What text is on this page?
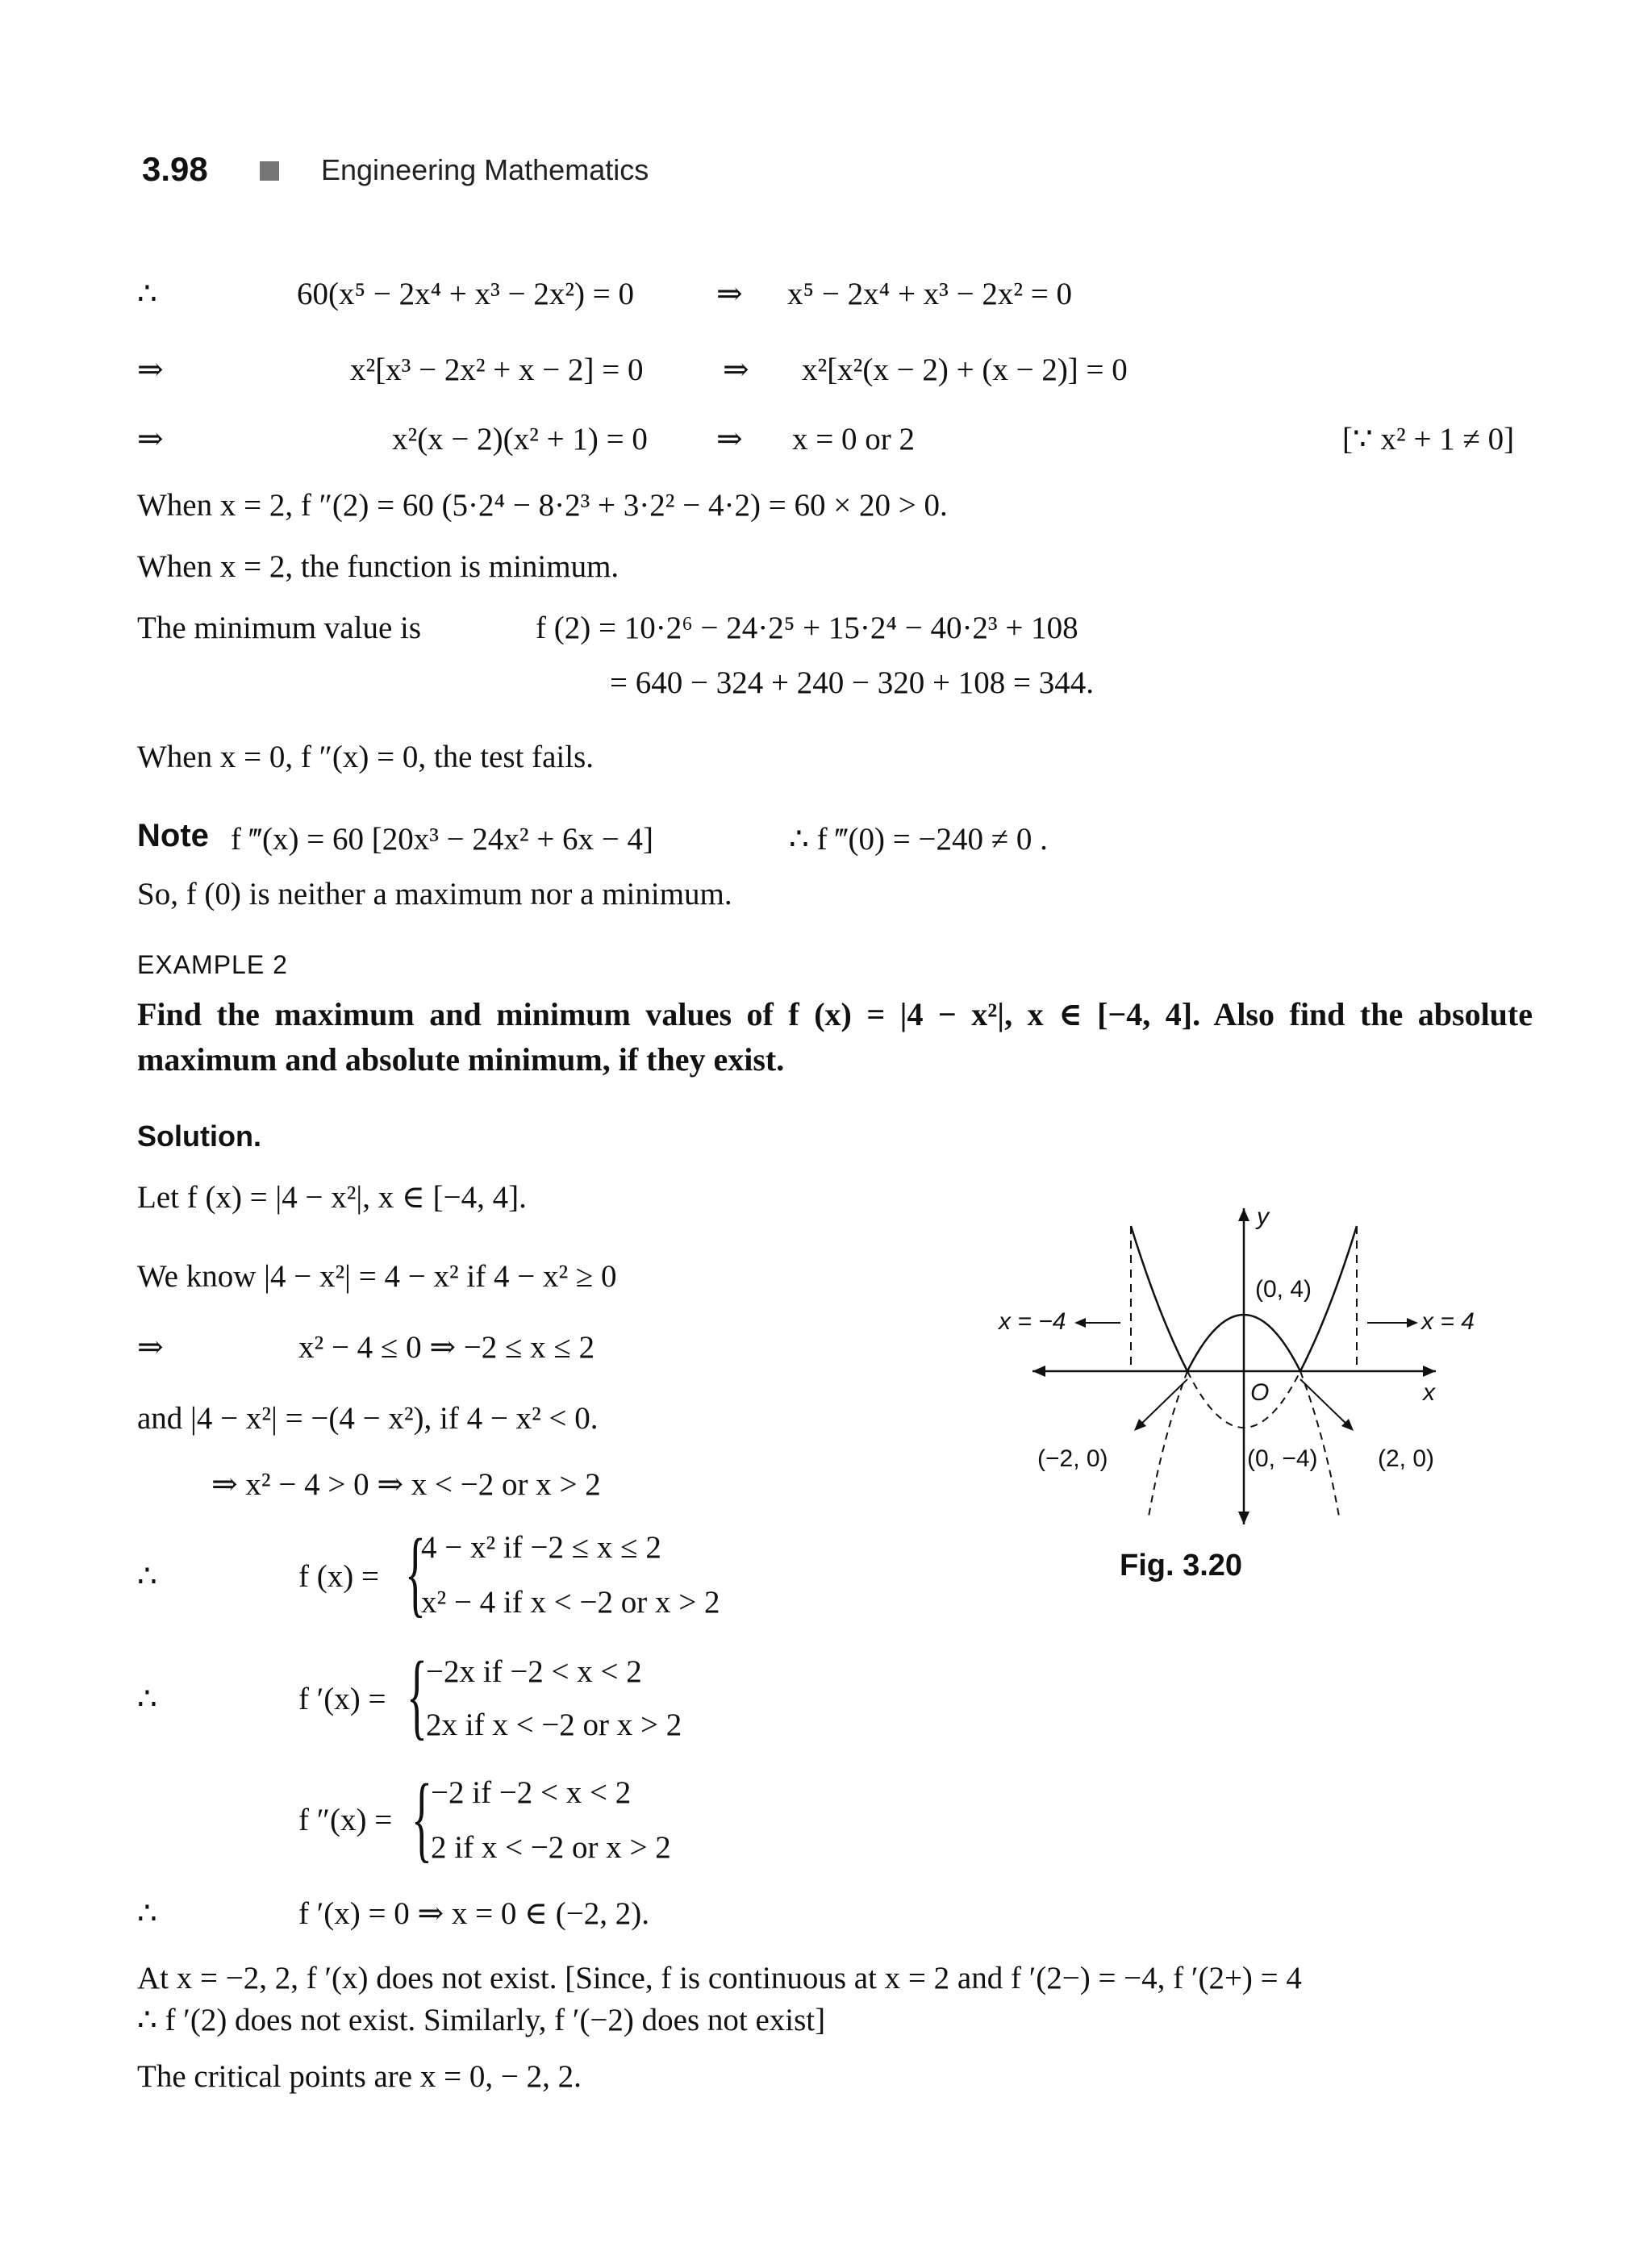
3.98	Engineering Mathematics
∴	60(x⁵ − 2x⁴ + x³ − 2x²) = 0	⇒ x⁵ − 2x⁴ + x³ − 2x² = 0
⇒	x²[x³ − 2x² + x − 2] = 0	⇒ x²[x²(x − 2) + (x − 2)] = 0
⇒	x²(x − 2)(x² + 1) = 0 ⇒ x = 0 or 2	[∵ x² + 1 ≠ 0]
When x = 2, f ″(2) = 60 (5·2⁴ − 8·2³ + 3·2² − 4·2) = 60 × 20 > 0.
When x = 2, the function is minimum.
The minimum value is	f (2) = 10·2⁶ − 24·2⁵ + 15·2⁴ − 40·2³ + 108
= 640 − 324 + 240 − 320 + 108 = 344.
When x = 0, f ″(x) = 0, the test fails.
Note f ‴(x) = 60 [20x³ − 24x² + 6x − 4]	∴ f ‴(0) = −240 ≠ 0 .
So, f (0) is neither a maximum nor a minimum.
EXAMPLE 2
Find the maximum and minimum values of f (x) = |4 − x²|, x ∈ [−4, 4]. Also find the absolute maximum and absolute minimum, if they exist.
Solution.
Let f (x) = |4 − x²|, x ∈ [−4, 4].
We know |4 − x²| = 4 − x² if 4 − x² ≥ 0
⇒	x² − 4 ≤ 0 ⇒ −2 ≤ x ≤ 2
and |4 − x²| = −(4 − x²), if 4 − x² < 0.
⇒ x² − 4 > 0 ⇒ x < −2 or x > 2
∴	f (x) = {
4 − x² if −2 ≤ x ≤ 2
x² − 4 if x < −2 or x > 2
∴	f ′(x) = {
−2x if −2 < x < 2
2x if x < −2 or x > 2
f ″(x) = {
−2 if −2 < x < 2
2 if x < −2 or x > 2
∴	f ′(x) = 0 ⇒ x = 0 ∈ (−2, 2).
At x = −2, 2, f ′(x) does not exist. [Since, f is continuous at x = 2 and f ′(2−) = −4, f ′(2+) = 4
∴ f ′(2) does not exist. Similarly, f ′(−2) does not exist]
The critical points are x = 0, − 2, 2.
y
x
O
(0, 4)
(0, −4)
(−2, 0)	(2, 0)
x = −4	x = 4
Fig. 3.20
